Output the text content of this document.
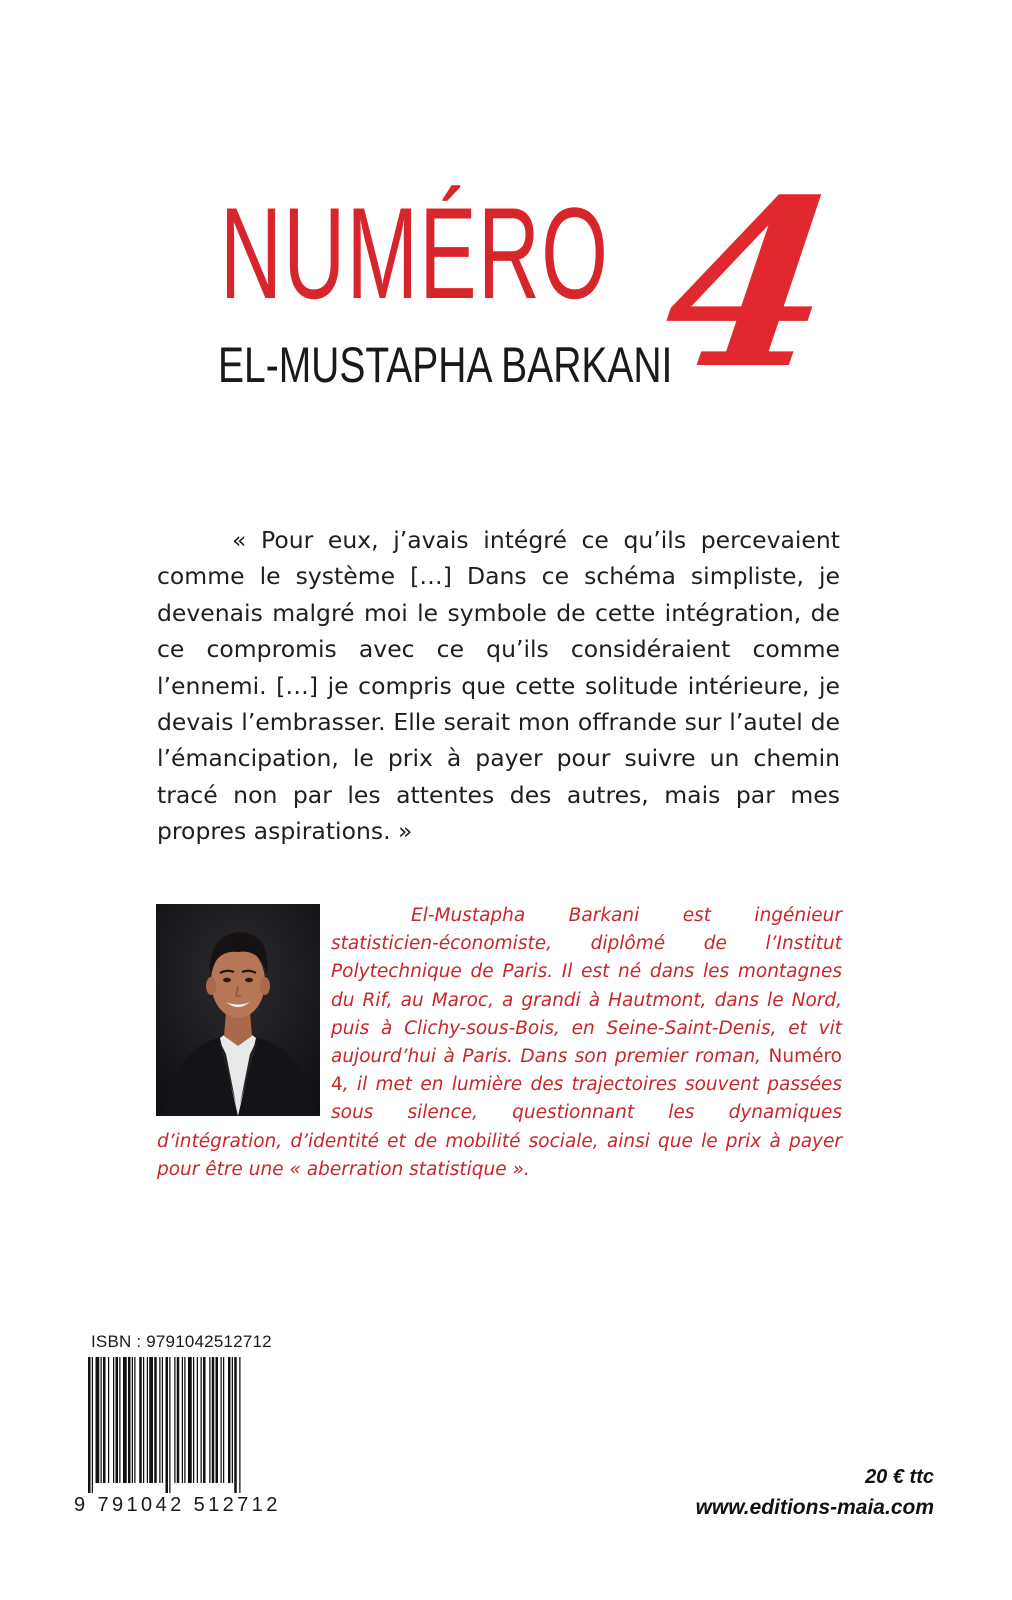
NUMÉRO 4
EL-MUSTAPHA BARKANI

« Pour eux, j’avais intégré ce qu’ils percevaient comme le système […] Dans ce schéma simpliste, je devenais malgré moi le symbole de cette intégration, de ce compromis avec ce qu’ils considéraient comme l’ennemi. […] je compris que cette solitude intérieure, je devais l’embrasser. Elle serait mon offrande sur l’autel de l’émancipation, le prix à payer pour suivre un chemin tracé non par les attentes des autres, mais par mes propres aspirations. »

El-Mustapha Barkani est ingénieur statisticien-économiste, diplômé de l’Institut Polytechnique de Paris. Il est né dans les montagnes du Rif, au Maroc, a grandi à Hautmont, dans le Nord, puis à Clichy-sous-Bois, en Seine-Saint-Denis, et vit aujourd’hui à Paris. Dans son premier roman, Numéro 4, il met en lumière des trajectoires souvent passées sous silence, questionnant les dynamiques d’intégration, d’identité et de mobilité sociale, ainsi que le prix à payer pour être une « aberration statistique ».

ISBN : 9791042512712
9 791042 512712
20 € ttc
www.editions-maia.com
